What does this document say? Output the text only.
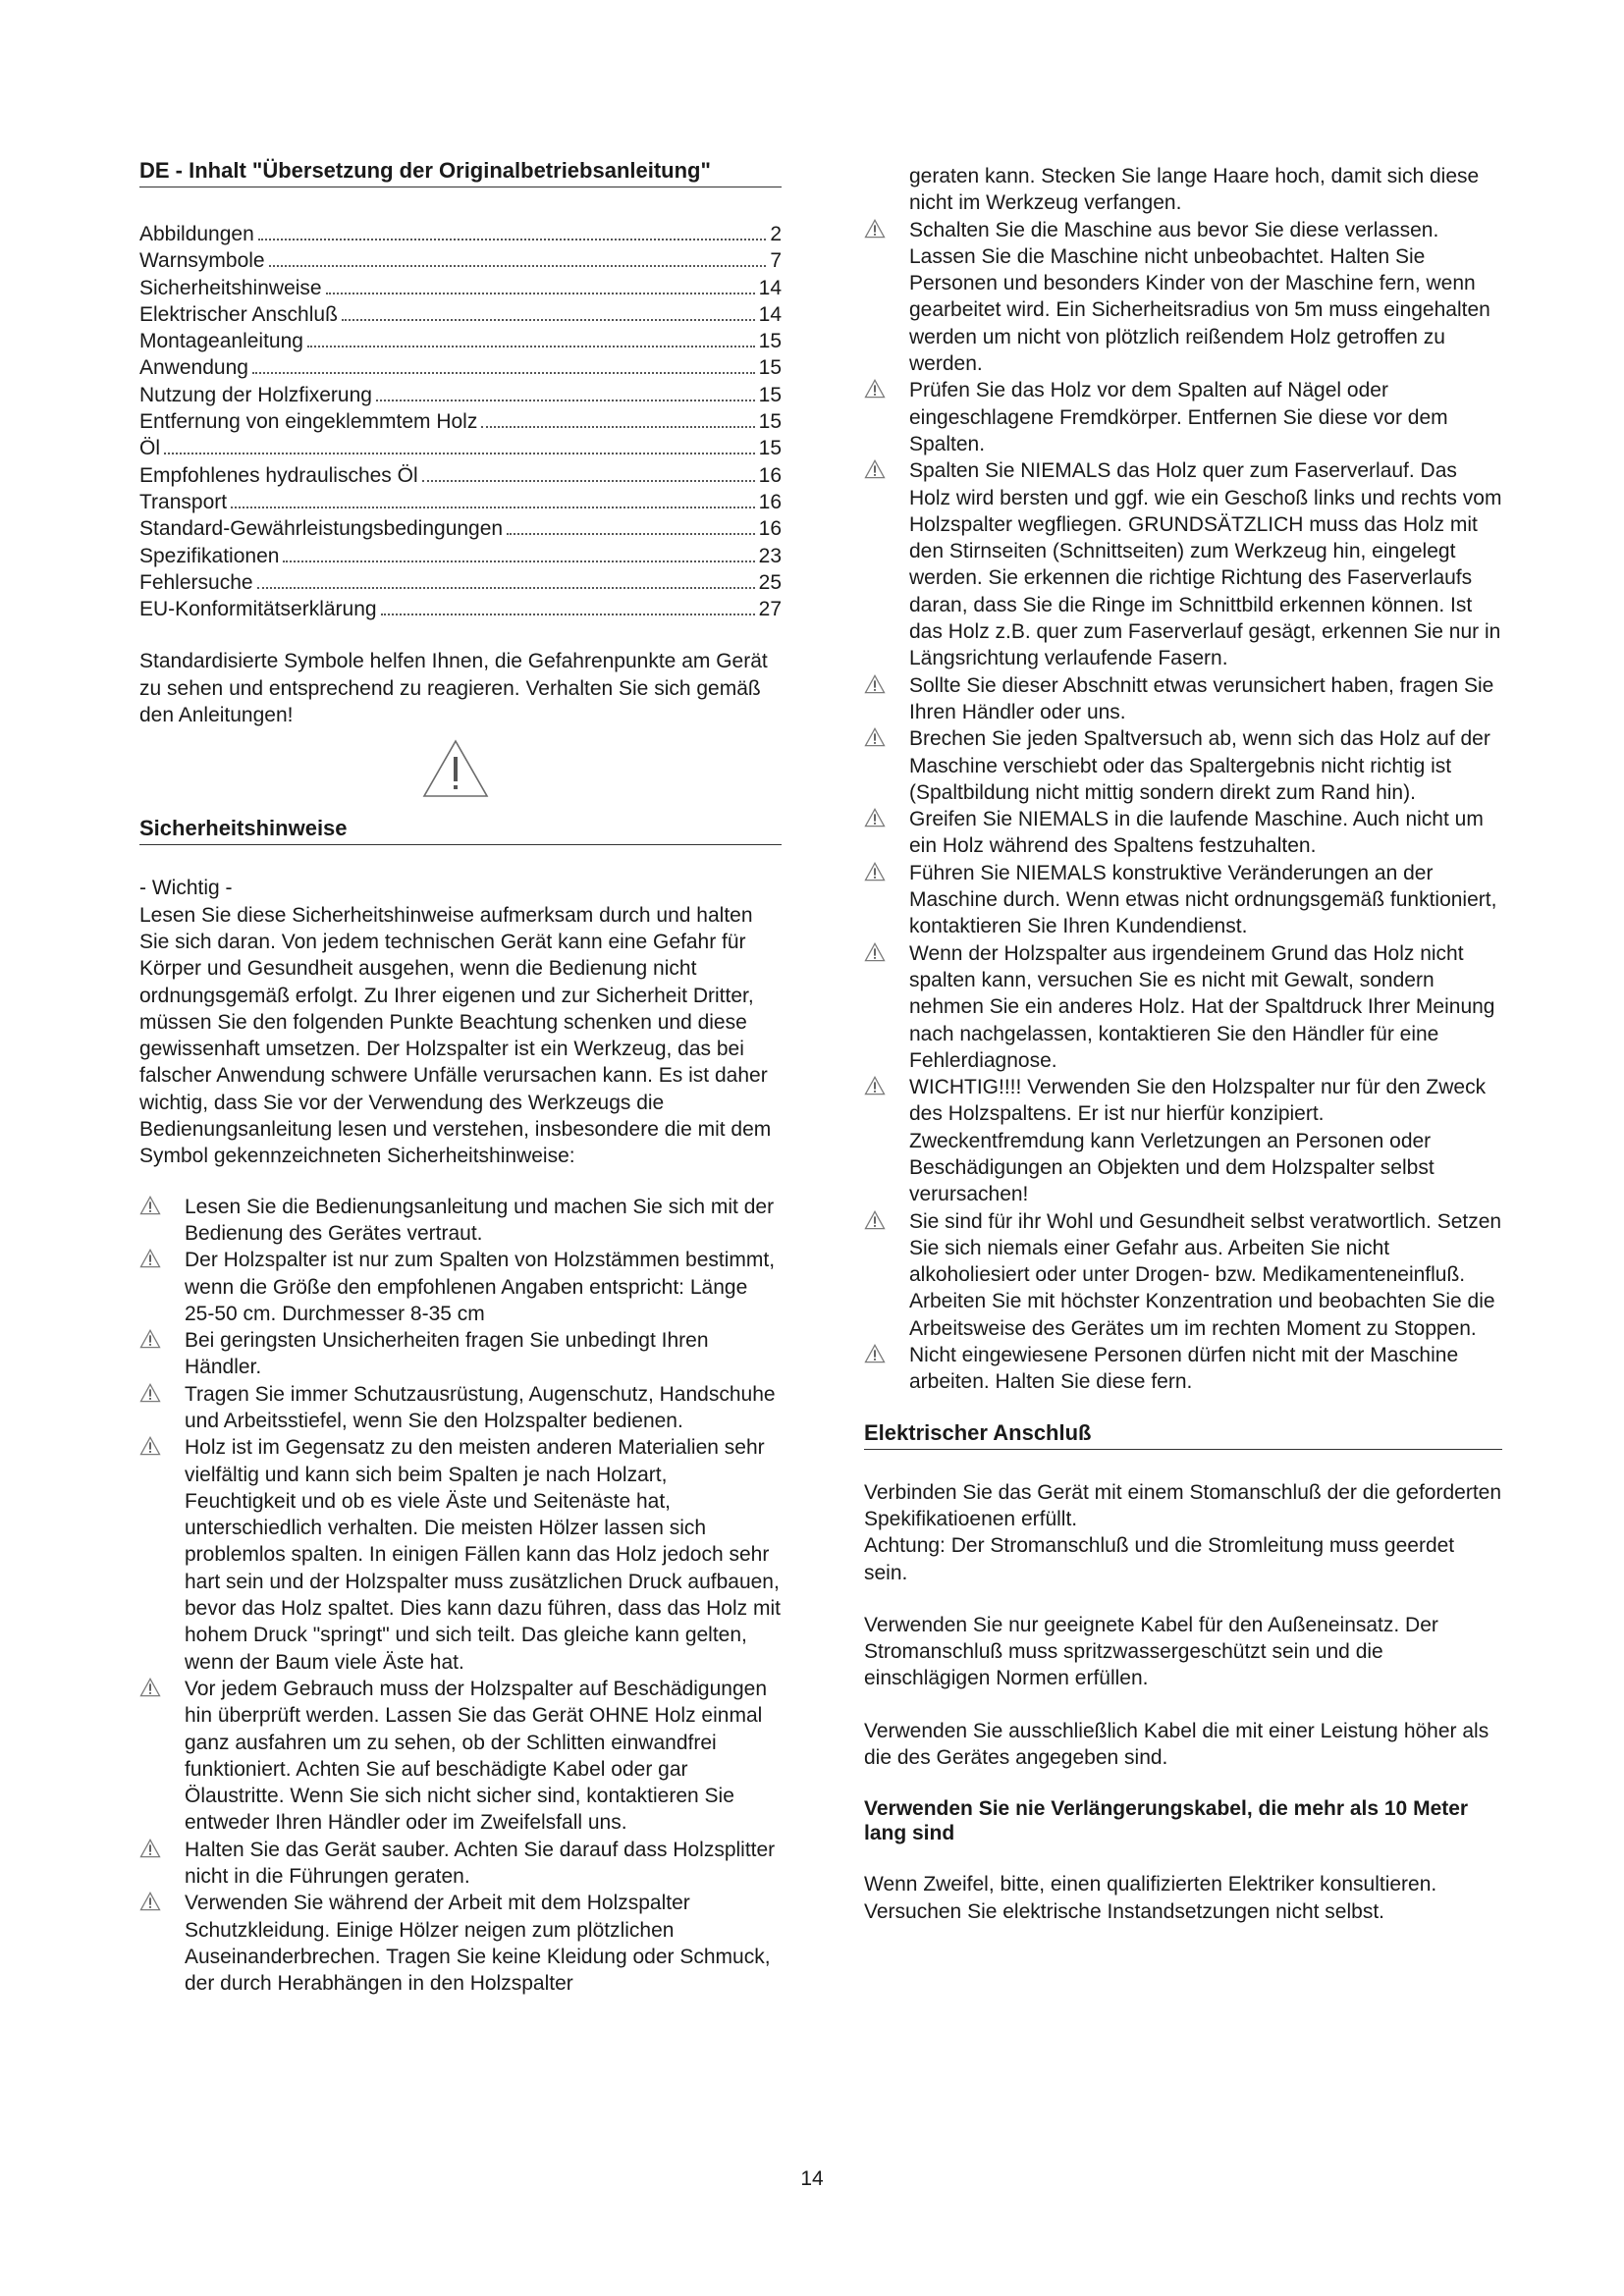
DE - Inhalt "Übersetzung der Originalbetriebsanleitung"
Abbildungen	2
Warnsymbole	7
Sicherheitshinweise	14
Elektrischer Anschluß	14
Montageanleitung	15
Anwendung	15
Nutzung der Holzfixerung	15
Entfernung von eingeklemmtem Holz	15
Öl	15
Empfohlenes hydraulisches Öl	16
Transport	16
Standard-Gewährleistungsbedingungen	16
Spezifikationen	23
Fehlersuche	25
EU-Konformitätserklärung	27

Standardisierte Symbole helfen Ihnen, die Gefahrenpunkte am Gerät zu sehen und entsprechend zu reagieren. Verhalten Sie sich gemäß den Anleitungen!

Sicherheitshinweise

- Wichtig -

Lesen Sie diese Sicherheitshinweise aufmerksam durch und halten Sie sich daran. Von jedem technischen Gerät kann eine Gefahr für Körper und Gesundheit ausgehen, wenn die Bedienung nicht ordnungsgemäß erfolgt. Zu Ihrer eigenen und zur Sicherheit Dritter, müssen Sie den folgenden Punkte Beachtung schenken und diese gewissenhaft umsetzen. Der Holzspalter ist ein Werkzeug, das bei falscher Anwendung schwere Unfälle verursachen kann. Es ist daher wichtig, dass Sie vor der Verwendung des Werkzeugs die Bedienungsanleitung lesen und verstehen, insbesondere die mit dem Symbol gekennzeichneten Sicherheitshinweise:

Lesen Sie die Bedienungsanleitung und machen Sie sich mit der Bedienung des Gerätes vertraut.
Der Holzspalter ist nur zum Spalten von Holzstämmen bestimmt, wenn die Größe den empfohlenen Angaben entspricht: Länge 25-50 cm. Durchmesser 8-35 cm
Bei geringsten Unsicherheiten fragen Sie unbedingt Ihren Händler.
Tragen Sie immer Schutzausrüstung, Augenschutz, Handschuhe und Arbeitsstiefel, wenn Sie den Holzspalter bedienen.
Holz ist im Gegensatz zu den meisten anderen Materialien sehr vielfältig und kann sich beim Spalten je nach Holzart, Feuchtigkeit und ob es viele Äste und Seitenäste hat, unterschiedlich verhalten. Die meisten Hölzer lassen sich problemlos spalten. In einigen Fällen kann das Holz jedoch sehr hart sein und der Holzspalter muss zusätzlichen Druck aufbauen, bevor das Holz spaltet. Dies kann dazu führen, dass das Holz mit hohem Druck "springt" und sich teilt. Das gleiche kann gelten, wenn der Baum viele Äste hat.
Vor jedem Gebrauch muss der Holzspalter auf Beschädigungen hin überprüft werden. Lassen Sie das Gerät OHNE Holz einmal ganz ausfahren um zu sehen, ob der Schlitten einwandfrei funktioniert. Achten Sie auf beschädigte Kabel oder gar Ölaustritte. Wenn Sie sich nicht sicher sind, kontaktieren Sie entweder Ihren Händler oder im Zweifelsfall uns.
Halten Sie das Gerät sauber. Achten Sie darauf dass Holzsplitter nicht in die Führungen geraten.
Verwenden Sie während der Arbeit mit dem Holzspalter Schutzkleidung. Einige Hölzer neigen zum plötzlichen Auseinanderbrechen. Tragen Sie keine Kleidung oder Schmuck, der durch Herabhängen in den Holzspalter

geraten kann. Stecken Sie lange Haare hoch, damit sich diese nicht im Werkzeug verfangen.

Schalten Sie die Maschine aus bevor Sie diese verlassen. Lassen Sie die Maschine nicht unbeobachtet. Halten Sie Personen und besonders Kinder von der Maschine fern, wenn gearbeitet wird. Ein Sicherheitsradius von 5m muss eingehalten werden um nicht von plötzlich reißendem Holz getroffen zu werden.
Prüfen Sie das Holz vor dem Spalten auf Nägel oder eingeschlagene Fremdkörper. Entfernen Sie diese vor dem Spalten.
Spalten Sie NIEMALS das Holz quer zum Faserverlauf. Das Holz wird bersten und ggf. wie ein Geschoß links und rechts vom Holzspalter wegfliegen. GRUNDSÄTZLICH muss das Holz mit den Stirnseiten (Schnittseiten) zum Werkzeug hin, eingelegt werden. Sie erkennen die richtige Richtung des Faserverlaufs daran, dass Sie die Ringe im Schnittbild erkennen können. Ist das Holz z.B. quer zum Faserverlauf gesägt, erkennen Sie nur in Längsrichtung verlaufende Fasern.
Sollte Sie dieser Abschnitt etwas verunsichert haben, fragen Sie Ihren Händler oder uns.
Brechen Sie jeden Spaltversuch ab, wenn sich das Holz auf der Maschine verschiebt oder das Spaltergebnis nicht richtig ist (Spaltbildung nicht mittig sondern direkt zum Rand hin).
Greifen Sie NIEMALS in die laufende Maschine. Auch nicht um ein Holz während des Spaltens festzuhalten.
Führen Sie NIEMALS konstruktive Veränderungen an der Maschine durch. Wenn etwas nicht ordnungsgemäß funktioniert, kontaktieren Sie Ihren Kundendienst.
Wenn der Holzspalter aus irgendeinem Grund das Holz nicht spalten kann, versuchen Sie es nicht mit Gewalt, sondern nehmen Sie ein anderes Holz. Hat der Spaltdruck Ihrer Meinung nach nachgelassen, kontaktieren Sie den Händler für eine Fehlerdiagnose.
WICHTIG!!!! Verwenden Sie den Holzspalter nur für den Zweck des Holzspaltens. Er ist nur hierfür konzipiert. Zweckentfremdung kann Verletzungen an Personen oder Beschädigungen an Objekten und dem Holzspalter selbst verursachen!
Sie sind für ihr Wohl und Gesundheit selbst veratwortlich. Setzen Sie sich niemals einer Gefahr aus. Arbeiten Sie nicht alkoholiesiert oder unter Drogen- bzw. Medikamenteneinfluß. Arbeiten Sie mit höchster Konzentration und beobachten Sie die Arbeitsweise des Gerätes um im rechten Moment zu Stoppen.
Nicht eingewiesene Personen dürfen nicht mit der Maschine arbeiten. Halten Sie diese fern.
Elektrischer Anschluß

Verbinden Sie das Gerät mit einem Stomanschluß der die geforderten Spekifikatioenen erfüllt.

Achtung: Der Stromanschluß und die Stromleitung muss geerdet sein.

Verwenden Sie nur geeignete Kabel für den Außeneinsatz. Der Stromanschluß muss spritzwassergeschützt sein und die einschlägigen Normen erfüllen.

Verwenden Sie ausschließlich Kabel die mit einer Leistung höher als die des Gerätes angegeben sind.

Verwenden Sie nie Verlängerungskabel, die mehr als 10 Meter lang sind

Wenn Zweifel, bitte, einen qualifizierten Elektriker konsultieren. Versuchen Sie elektrische Instandsetzungen nicht selbst.

14
